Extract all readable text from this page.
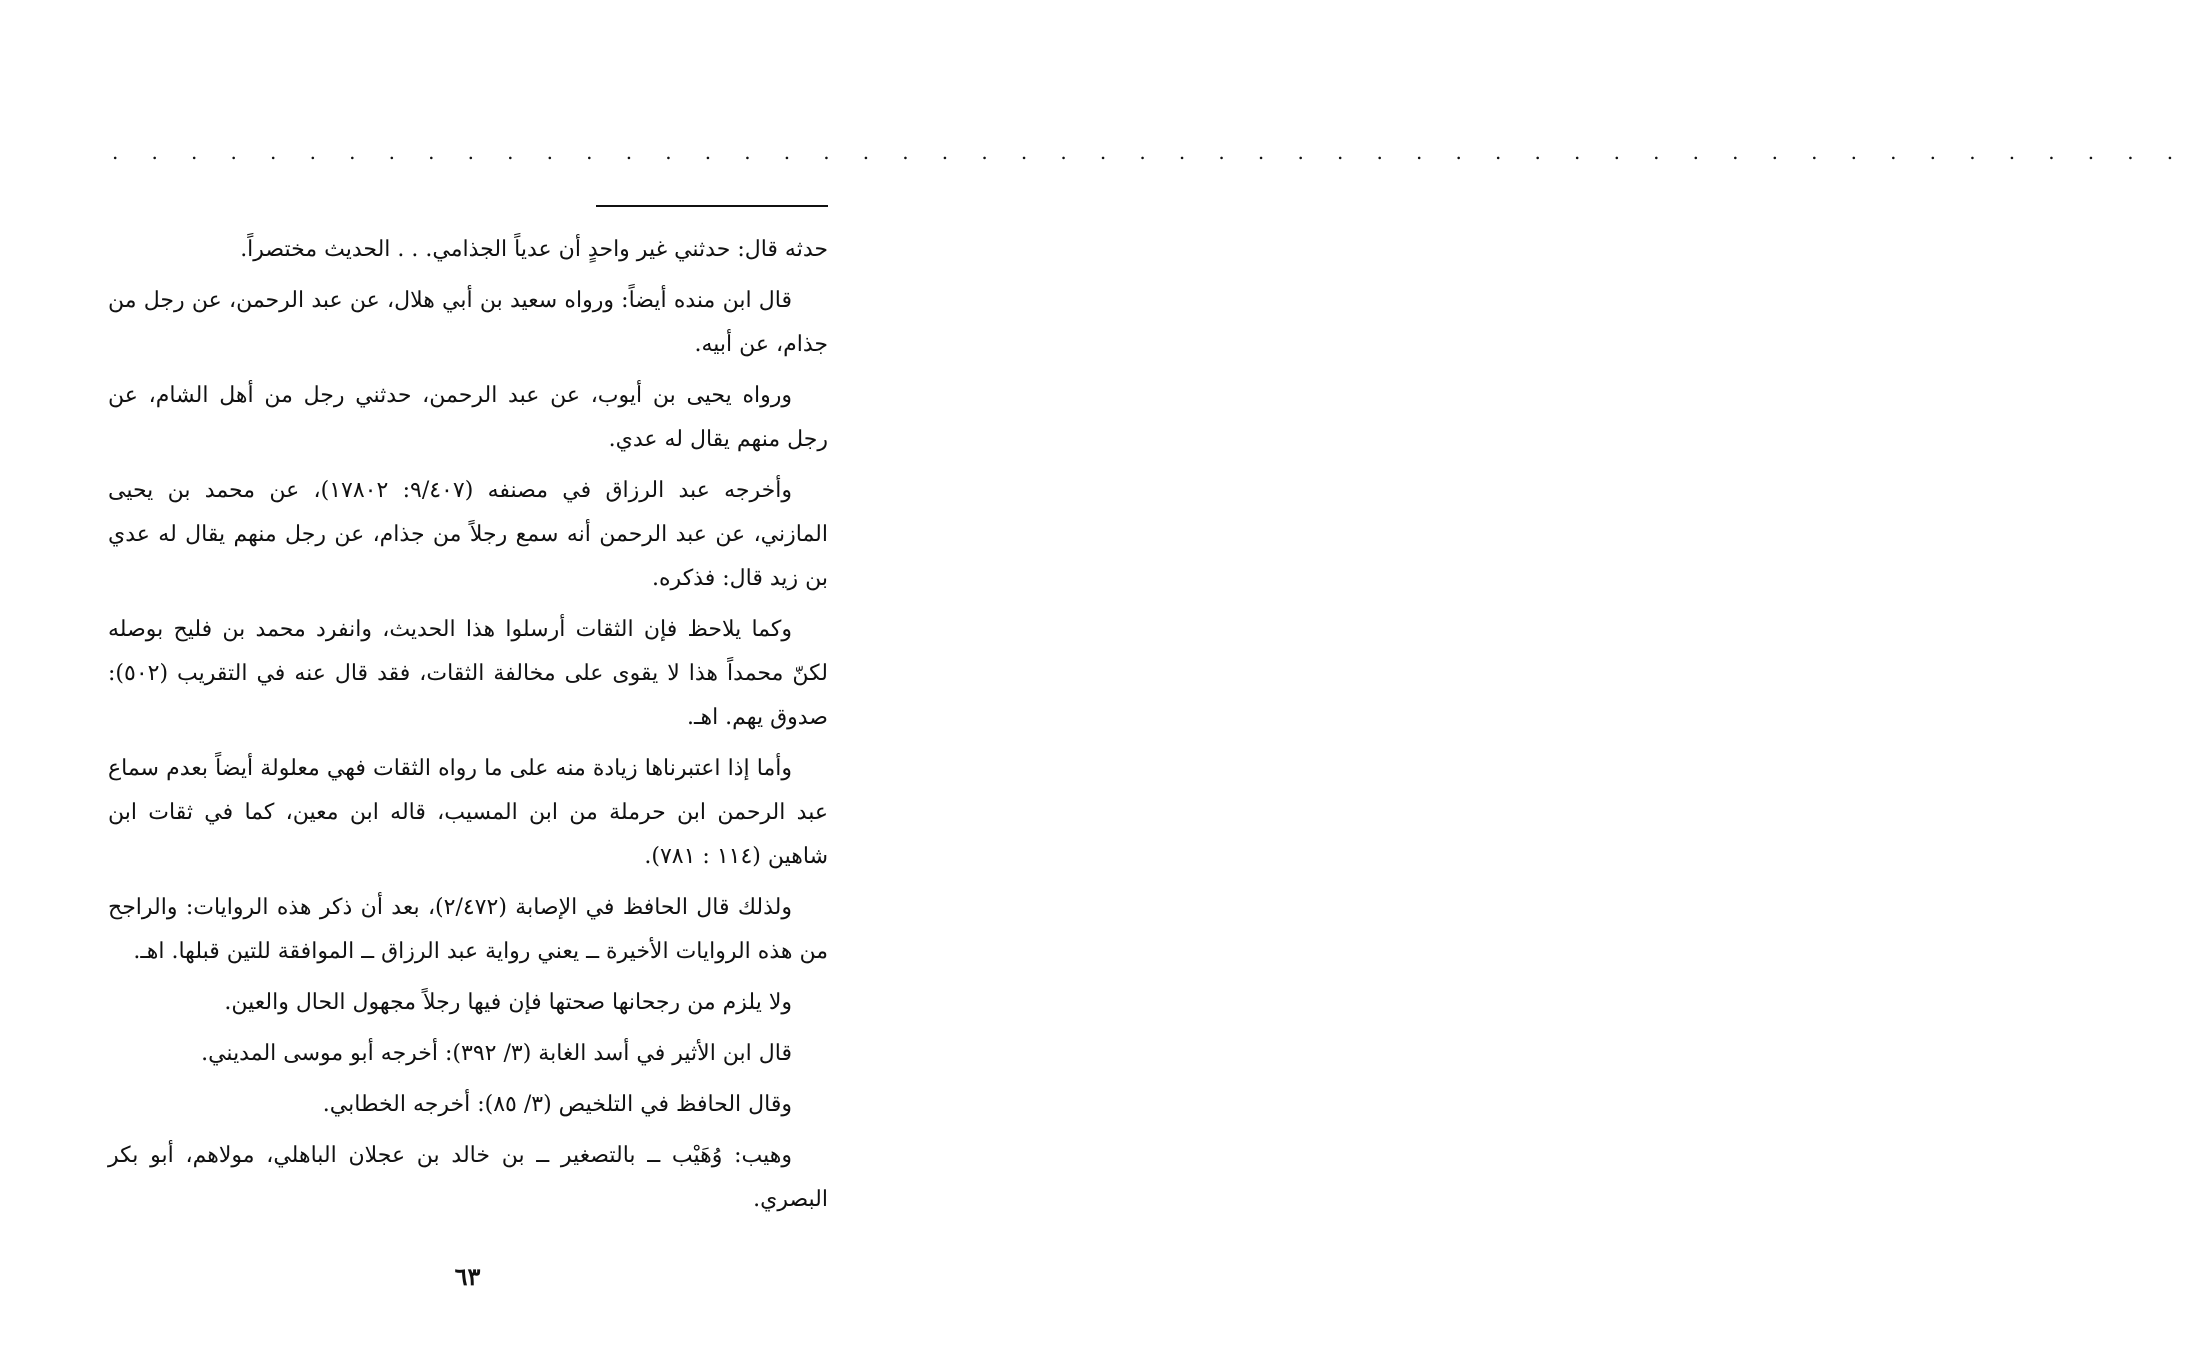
. . . . . . . . . . . . . . . . . . . . . . . . . . . . . . . . . . . . . . . . . . . . . . . . . . . . .

حدثه قال: حدثني غير واحدٍ أن عدياً الجذامي. . . الحديث مختصراً.

قال ابن منده أيضاً: ورواه سعيد بن أبي هلال، عن عبد الرحمن، عن رجل من جذام، عن أبيه.

ورواه يحيى بن أيوب، عن عبد الرحمن، حدثني رجل من أهل الشام، عن رجل منهم يقال له عدي.

وأخرجه عبد الرزاق في مصنفه (٩/٤٠٧: ١٧٨٠٢)، عن محمد بن يحيى المازني، عن عبد الرحمن أنه سمع رجلاً من جذام، عن رجل منهم يقال له عدي بن زيد قال: فذكره.

وكما يلاحظ فإن الثقات أرسلوا هذا الحديث، وانفرد محمد بن فليح بوصله لكنّ محمداً هذا لا يقوى على مخالفة الثقات، فقد قال عنه في التقريب (٥٠٢): صدوق يهم. اهـ.

وأما إذا اعتبرناها زيادة منه على ما رواه الثقات فهي معلولة أيضاً بعدم سماع عبد الرحمن ابن حرملة من ابن المسيب، قاله ابن معين، كما في ثقات ابن شاهين (١١٤ : ٧٨١).

ولذلك قال الحافظ في الإصابة (٢/٤٧٢)، بعد أن ذكر هذه الروايات: والراجح من هذه الروايات الأخيرة ــ يعني رواية عبد الرزاق ــ الموافقة للتين قبلها. اهـ.

ولا يلزم من رجحانها صحتها فإن فيها رجلاً مجهول الحال والعين.

قال ابن الأثير في أسد الغابة (٣/ ٣٩٢): أخرجه أبو موسى المديني.

وقال الحافظ في التلخيص (٣/ ٨٥): أخرجه الخطابي.

وهيب: وُهَيْب ــ بالتصغير ــ بن خالد بن عجلان الباهلي، مولاهم، أبو بكر البصري.

٦٣
